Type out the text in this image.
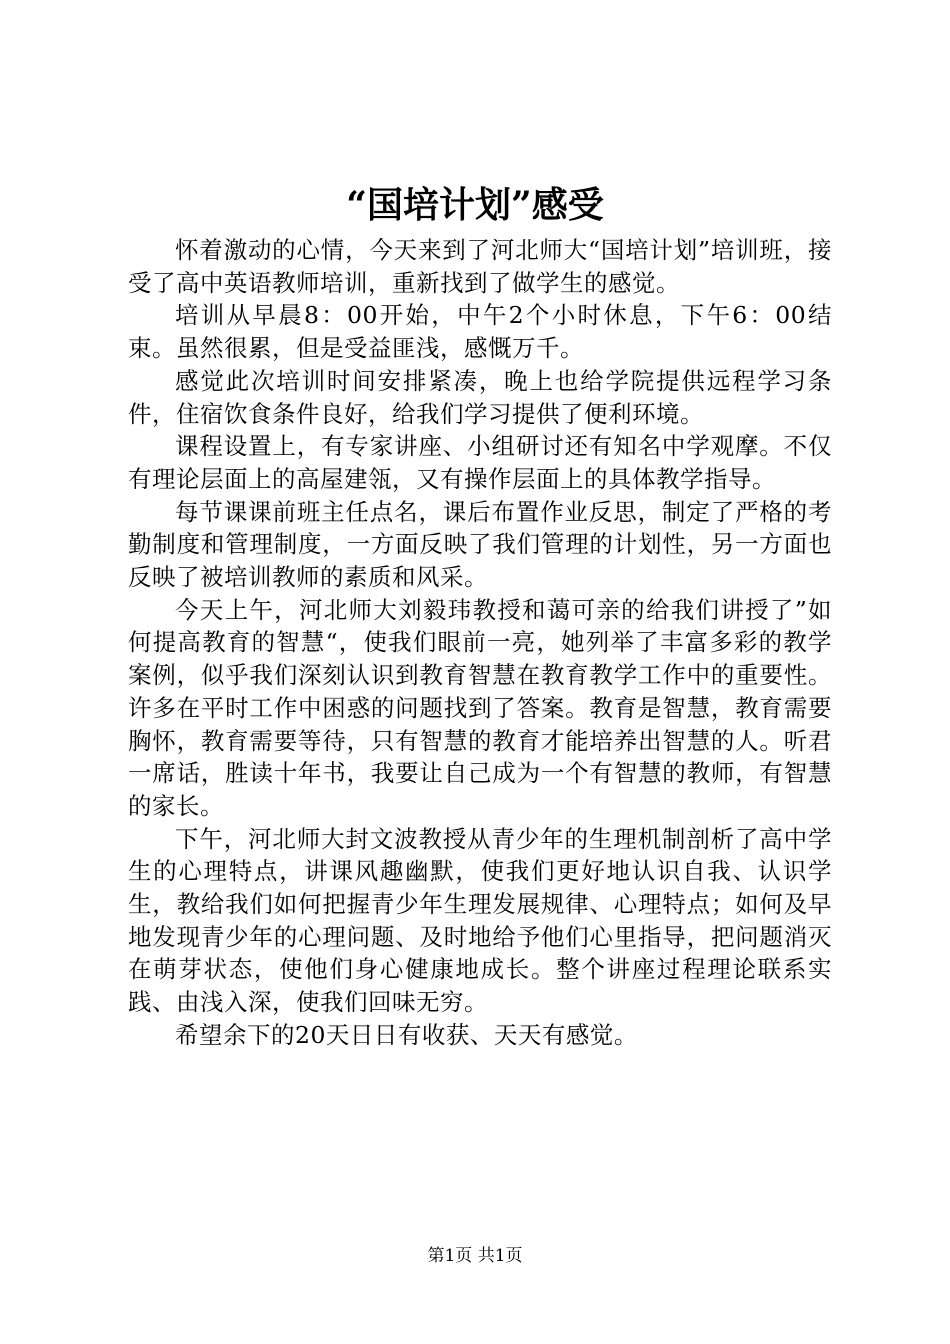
“国培计划”感受

怀着激动的心情，今天来到了河北师大“国培计划”培训班，接受了高中英语教师培训，重新找到了做学生的感觉。

培训从早晨8：00开始，中午2个小时休息，下午6：00结束。虽然很累，但是受益匪浅，感慨万千。

感觉此次培训时间安排紧凑，晚上也给学院提供远程学习条件，住宿饮食条件良好，给我们学习提供了便利环境。

课程设置上，有专家讲座、小组研讨还有知名中学观摩。不仅有理论层面上的高屋建瓴，又有操作层面上的具体教学指导。

每节课课前班主任点名，课后布置作业反思，制定了严格的考勤制度和管理制度，一方面反映了我们管理的计划性，另一方面也反映了被培训教师的素质和风采。

今天上午，河北师大刘毅玮教授和蔼可亲的给我们讲授了”如何提高教育的智慧“，使我们眼前一亮，她列举了丰富多彩的教学案例，似乎我们深刻认识到教育智慧在教育教学工作中的重要性。许多在平时工作中困惑的问题找到了答案。教育是智慧，教育需要胸怀，教育需要等待，只有智慧的教育才能培养出智慧的人。听君一席话，胜读十年书，我要让自己成为一个有智慧的教师，有智慧的家长。

下午，河北师大封文波教授从青少年的生理机制剖析了高中学生的心理特点，讲课风趣幽默，使我们更好地认识自我、认识学生，教给我们如何把握青少年生理发展规律、心理特点；如何及早地发现青少年的心理问题、及时地给予他们心里指导，把问题消灭在萌芽状态，使他们身心健康地成长。整个讲座过程理论联系实践、由浅入深，使我们回味无穷。

希望余下的20天日日有收获、天天有感觉。

第1页 共1页
